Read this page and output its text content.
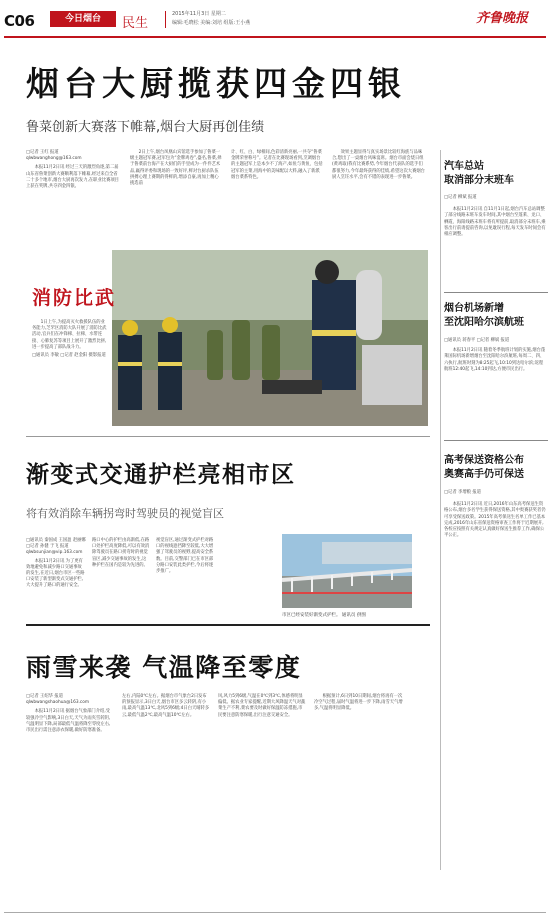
C06	今日烟台	民生
2015年11月3日 星期二
编辑:毛晓松 美编:刘培 组版:王小燕	齐鲁晚报
烟台大厨揽获四金四银
鲁菜创新大赛落下帷幕,烟台大厨再创佳绩
□记者 王红 报道
qlwbwanghong@163.com
本报11月2日讯 经过三天的激烈角逐,第二届山东省鲁菜创新大赛顺利落下帷幕,经过来自全省二十多个地市,烟台大厨再次发力,在职业比赛项目上获在奖牌,共夺四金四银。
2日上午,烟台凤凰山宾馆选手参加了鲁菜一级主题冠军赛,冠军包为“金牌鸡卷”,盛名,鲁菜,择于鲁菜前台海产在大厨们的手里成为一件件艺术品,赢得评委和现场的一致好评,鲜对台厨杀队伍拼搏心理上赛期的得鲜的,增添自豪,再加上精心挑选前
计、红、白、绿相间,色彩清新亮丽,一共夺“鲁菜金牌荣誉称号”。记者在比赛现场看到,烹调烟台的主题冠军上是本少不了海产,如鱼与黄鱼、包括冠军的主菜,用海中的美味配以大料,融入了新派烟台菜系特色。
效果主题显得与真实场景比较红海族与品味合,想出了一桌烟台风味宴席。烟台市面会烧日组(黄鸡取)我有比赛系势,今年烟台代表队的选手们都很努力,今年最终获得的佳绩,希望这次大赛烟台厨人烹饪水平,会有不错的表现进一步鲁菜。
消防比武
1日上午,为提高灭火救援队伍的业务能力,芝罘区消防大队开展了消防比武活动,官兵们在冲锋梯、拉梯、水带连接、心肺复苏等项目上展开了激烈比拼,进一步提高了部队战斗力。
□通讯员 李敏 □记者 赵金阳 摄影报道
渐变式交通护栏亮相市区
将有效消除车辆拐弯时驾驶员的视觉盲区
□通讯员 秦国成 王国盈 赵丽娜 □记者 孙健 于飞 报道
qlwbsunjian@vip.163.com
本报11月2日讯 为了更有效地避免和减少路口交通事故的发生,在近日,烟台市区一些路口安装了新型渐变式交通护栏,大大提升了路口的通行安全。
路口中心的护栏由高渐低,在路口处护栏高度降低,可以有效消除驾驶员在路口拐弯时的视觉盲区,减少交通事故的发生,这种护栏在国内是较为先进的。
视觉盲区,通过渐变式护栏对路口的视线遮挡降至较低,大大增强了驾驶员的视野,提高安全系数。目前,交警部门已在市区部分路口安装此类护栏,今后将逐步推广。
市区已经安装好渐变式护栏。 通讯员 供图
雨雪来袭 气温降至零度
□记者 王绍华 报道
qlwbwangshaohua@163.com
本报11月2日讯 据烟台气象部门介绍,受较强冷空气影响,3日白天,天气为雨夹雪转阴,气温明显下降,局部最低气温将降至零度左右,市民出行需注意添衣保暖,做好防寒准备。
左右,内陆0℃左右。据烟台市气象台2日发布的预报显示,3日白天,烟台市区多云转阴,有小雨,最高气温13℃,北风5到6级;4日白天晴转多云,最低气温2℃,最高气温10℃左右。
风,风力5到6级,气温在0℃到3℃,体感将明显偏低。据农业专家提醒,近期大风降温天气对蔬菜生产不利,菜农要及时做好保温防冻措施,市民要注意防寒保暖,出行注意交通安全。
根据预计,6日到10日期间,烟台将再有一次冷空气过程,届时气温将进一步下降,雨雪天气增多,气温将明显降低。
汽车总站
取消部分末班车
□记者 柳斌 报道
本报11月2日讯 自11月1日起,烟台汽车总站调整了部分线路末班车发车时间,其中烟台至蓬莱、龙口、栖霞、海阳线路末班车将有所提前,取消部分末班车,乘客出行前请提前咨询,以免耽误行程,每天发车时间会有相应调整。
烟台机场新增
至沈阳哈尔滨航班
□通讯员 蒋春平 □记者 柳斌 报道
本报11月2日讯 随着冬季航班计划的实施,烟台蓬莱国际机场新增烟台至沈阳哈尔滨航班,每周二、四、六执行,航班时刻为8:25起飞,10:10到达哈尔滨;返程航班12:40起飞,14:10到达,方便市民出行。
高考保送资格公布
奥赛高手仍可保送
□记者 李增粮 报道
本报11月2日讯 近日,2016年山东高考保送生资格公布,烟台多名学生获得保送资格,其中奥赛获奖者仍可享受保送政策。2015年高考保送生名单工作已基本完成,2016年山东省保送资格审查工作将于近期展开,各校应按照有关规定认真做好保送生推荐工作,确保公平公正。
